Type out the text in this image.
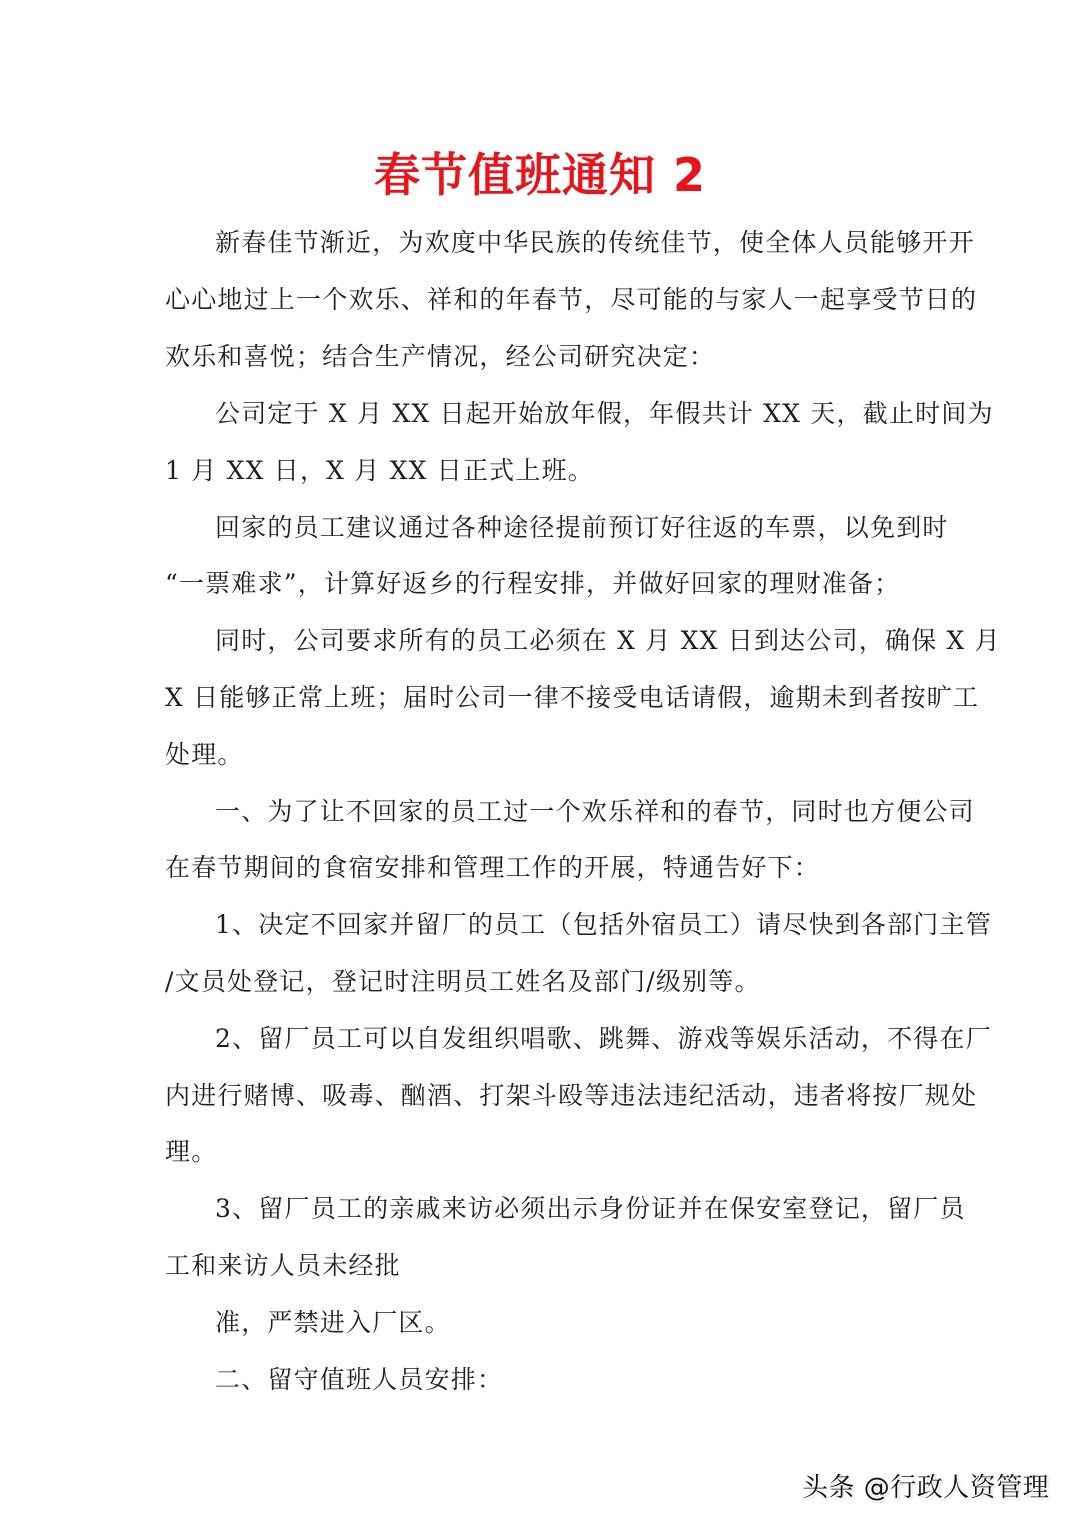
春节值班通知 2
新春佳节渐近，为欢度中华民族的传统佳节，使全体人员能够开开
心心地过上一个欢乐、祥和的年春节，尽可能的与家人一起享受节日的
欢乐和喜悦；结合生产情况，经公司研究决定：
公司定于 X 月 XX 日起开始放年假，年假共计 XX 天，截止时间为
1 月 XX 日，X 月 XX 日正式上班。
回家的员工建议通过各种途径提前预订好往返的车票，以免到时
“一票难求”，计算好返乡的行程安排，并做好回家的理财准备；
同时，公司要求所有的员工必须在 X 月 XX 日到达公司，确保 X 月
X 日能够正常上班；届时公司一律不接受电话请假，逾期未到者按旷工
处理。
一、为了让不回家的员工过一个欢乐祥和的春节，同时也方便公司
在春节期间的食宿安排和管理工作的开展，特通告好下：
1、决定不回家并留厂的员工（包括外宿员工）请尽快到各部门主管
/文员处登记，登记时注明员工姓名及部门/级别等。
2、留厂员工可以自发组织唱歌、跳舞、游戏等娱乐活动，不得在厂
内进行赌博、吸毒、酗酒、打架斗殴等违法违纪活动，违者将按厂规处
理。
3、留厂员工的亲戚来访必须出示身份证并在保安室登记，留厂员
工和来访人员未经批
准，严禁进入厂区。
二、留守值班人员安排：
头条 @行政人资管理
